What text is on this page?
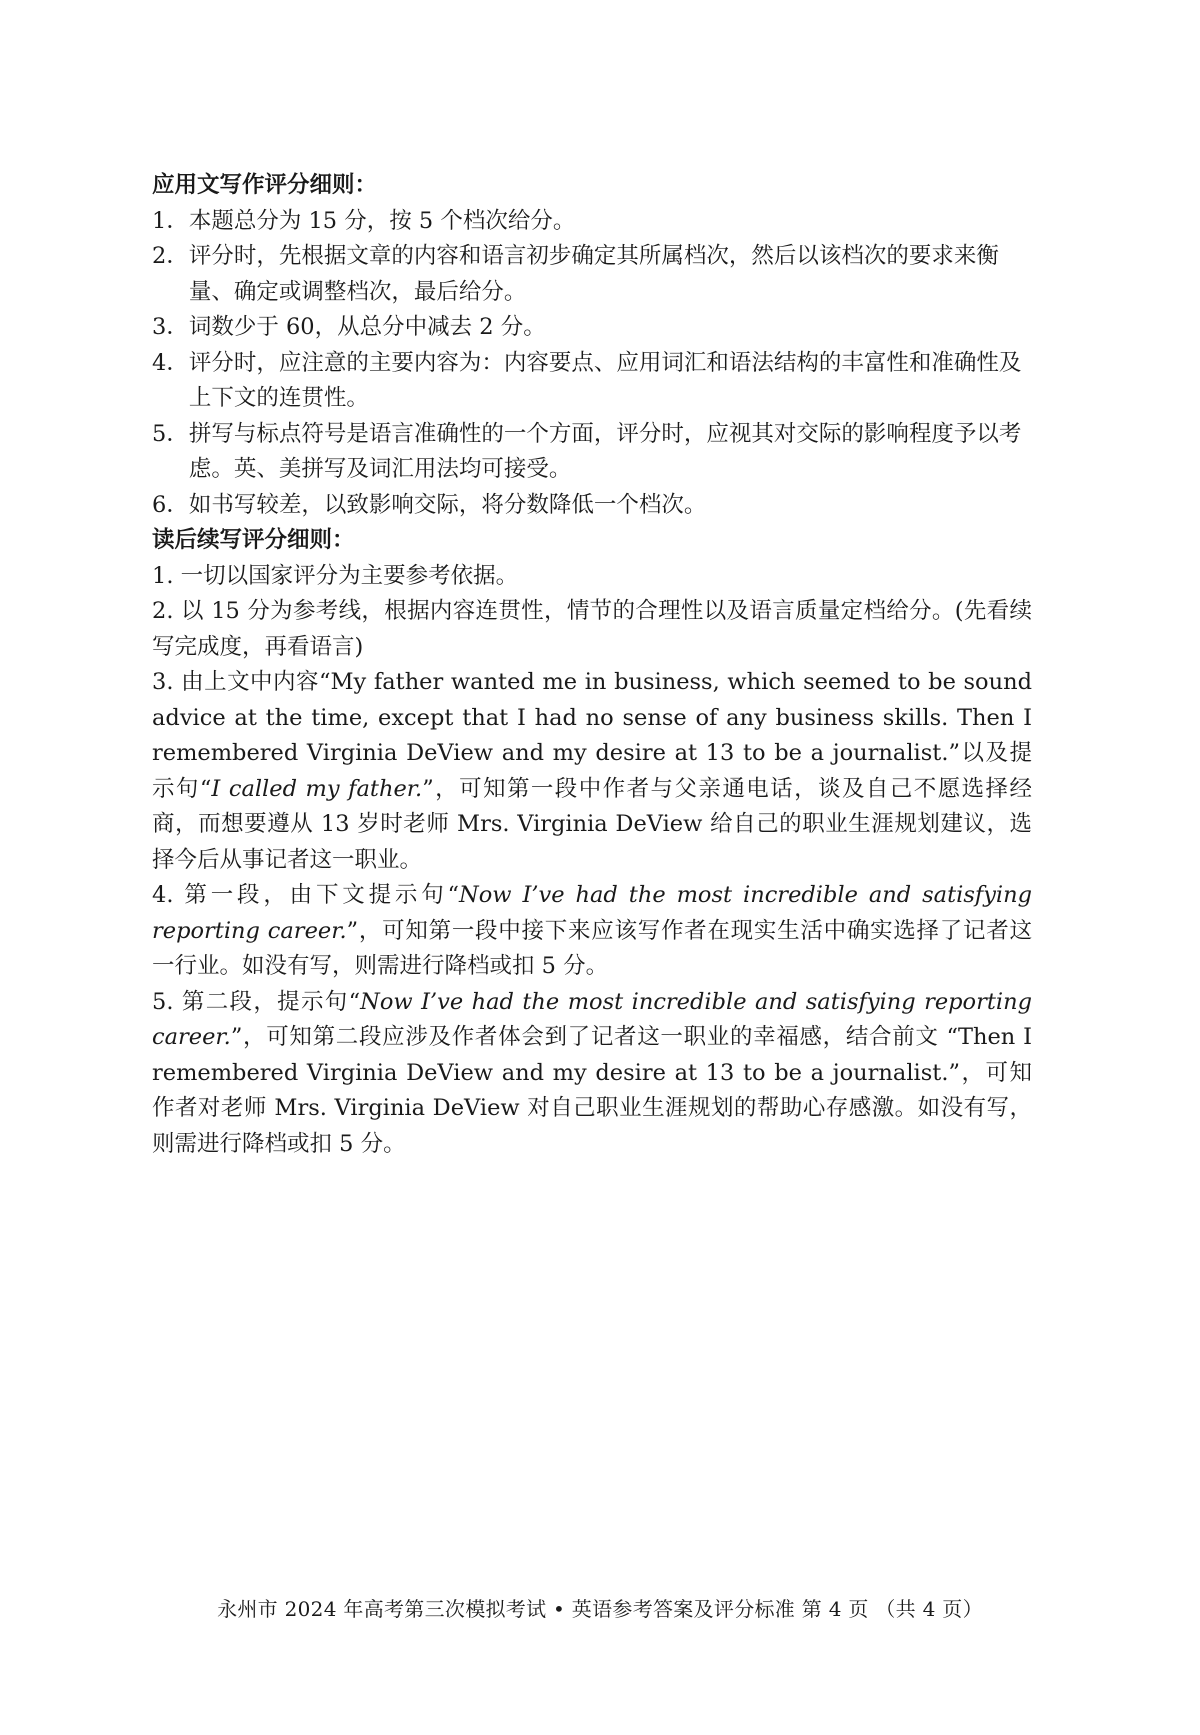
应用文写作评分细则：

1． 本题总分为 15 分，按 5 个档次给分。
2． 评分时，先根据文章的内容和语言初步确定其所属档次，然后以该档次的要求来衡量、确定或调整档次，最后给分。
3． 词数少于 60，从总分中减去 2 分。
4． 评分时，应注意的主要内容为：内容要点、应用词汇和语法结构的丰富性和准确性及上下文的连贯性。
5． 拼写与标点符号是语言准确性的一个方面，评分时，应视其对交际的影响程度予以考虑。英、美拼写及词汇用法均可接受。
6． 如书写较差，以致影响交际，将分数降低一个档次。

读后续写评分细则：

1. 一切以国家评分为主要参考依据。

2. 以 15 分为参考线，根据内容连贯性，情节的合理性以及语言质量定档给分。(先看续写完成度，再看语言)

3. 由上文中内容“My father wanted me in business, which seemed to be sound advice at the time, except that I had no sense of any business skills. Then I remembered Virginia DeView and my desire at 13 to be a journalist.”以及提示句“I called my father.”，可知第一段中作者与父亲通电话，谈及自己不愿选择经商，而想要遵从 13 岁时老师 Mrs. Virginia DeView 给自己的职业生涯规划建议，选择今后从事记者这一职业。

4. 第一段，由下文提示句“Now I’ve had the most incredible and satisfying reporting career.”，可知第一段中接下来应该写作者在现实生活中确实选择了记者这一行业。如没有写，则需进行降档或扣 5 分。

5. 第二段，提示句“Now I’ve had the most incredible and satisfying reporting career.”，可知第二段应涉及作者体会到了记者这一职业的幸福感，结合前文 “Then I remembered Virginia DeView and my desire at 13 to be a journalist.”，可知作者对老师 Mrs. Virginia DeView 对自己职业生涯规划的帮助心存感激。如没有写，则需进行降档或扣 5 分。

永州市 2024 年高考第三次模拟考试 • 英语参考答案及评分标准 第 4 页 （共 4 页）
